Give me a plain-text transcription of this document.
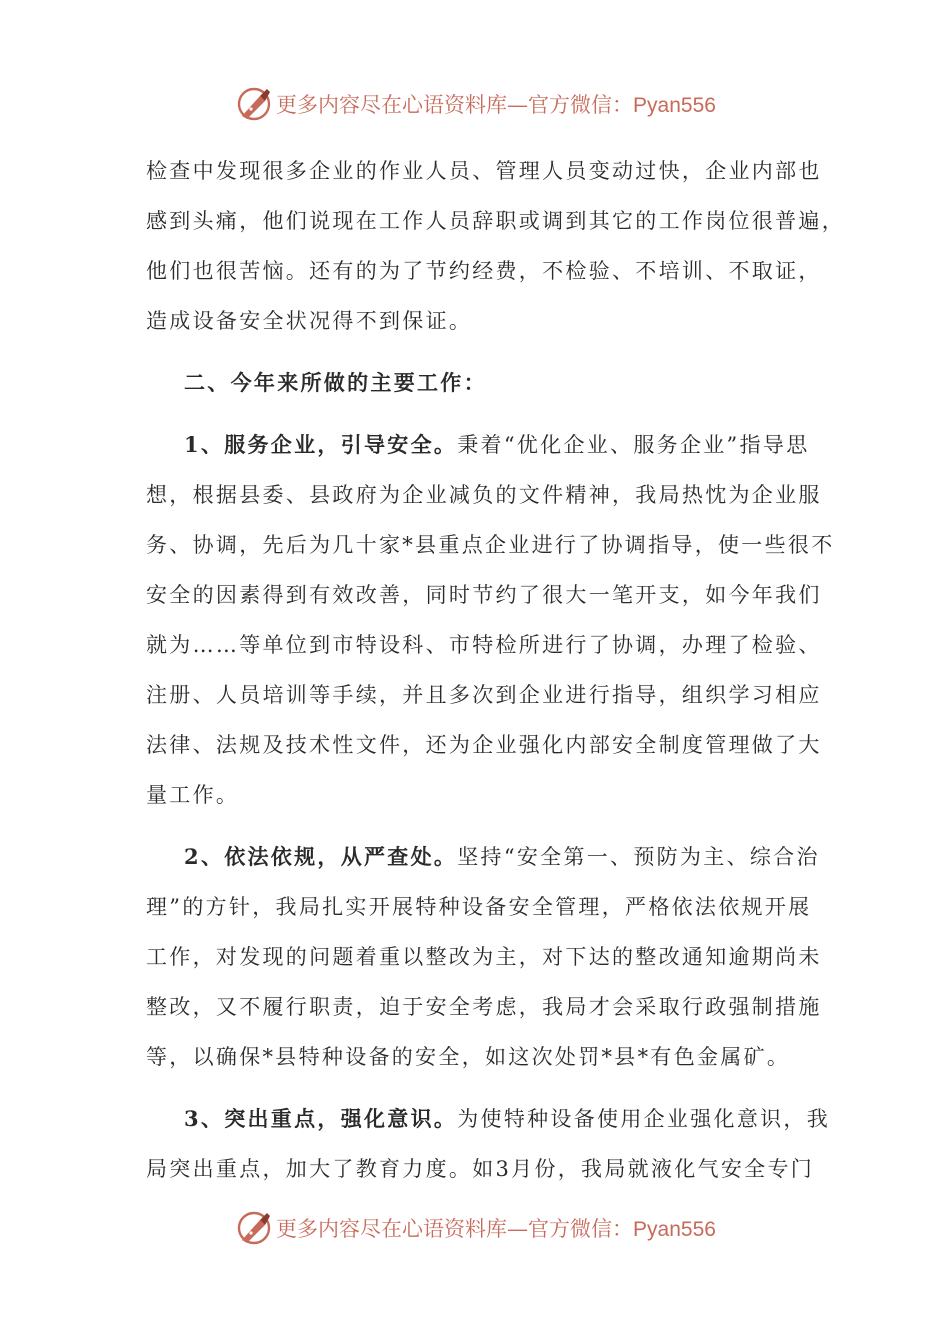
更多内容尽在心语资料库—官方微信：Pyan556
检查中发现很多企业的作业人员、管理人员变动过快，企业内部也
感到头痛，他们说现在工作人员辞职或调到其它的工作岗位很普遍，
他们也很苦恼。还有的为了节约经费，不检验、不培训、不取证，
造成设备安全状况得不到保证。
二、今年来所做的主要工作：
1、服务企业，引导安全。秉着“优化企业、服务企业”指导思
想，根据县委、县政府为企业减负的文件精神，我局热忱为企业服
务、协调，先后为几十家*县重点企业进行了协调指导，使一些很不
安全的因素得到有效改善，同时节约了很大一笔开支，如今年我们
就为……等单位到市特设科、市特检所进行了协调，办理了检验、
注册、人员培训等手续，并且多次到企业进行指导，组织学习相应
法律、法规及技术性文件，还为企业强化内部安全制度管理做了大
量工作。
2、依法依规，从严查处。坚持“安全第一、预防为主、综合治
理”的方针，我局扎实开展特种设备安全管理，严格依法依规开展
工作，对发现的问题着重以整改为主，对下达的整改通知逾期尚未
整改，又不履行职责，迫于安全考虑，我局才会采取行政强制措施
等，以确保*县特种设备的安全，如这次处罚*县*有色金属矿。
3、突出重点，强化意识。为使特种设备使用企业强化意识，我
局突出重点，加大了教育力度。如3月份，我局就液化气安全专门
更多内容尽在心语资料库—官方微信：Pyan556
